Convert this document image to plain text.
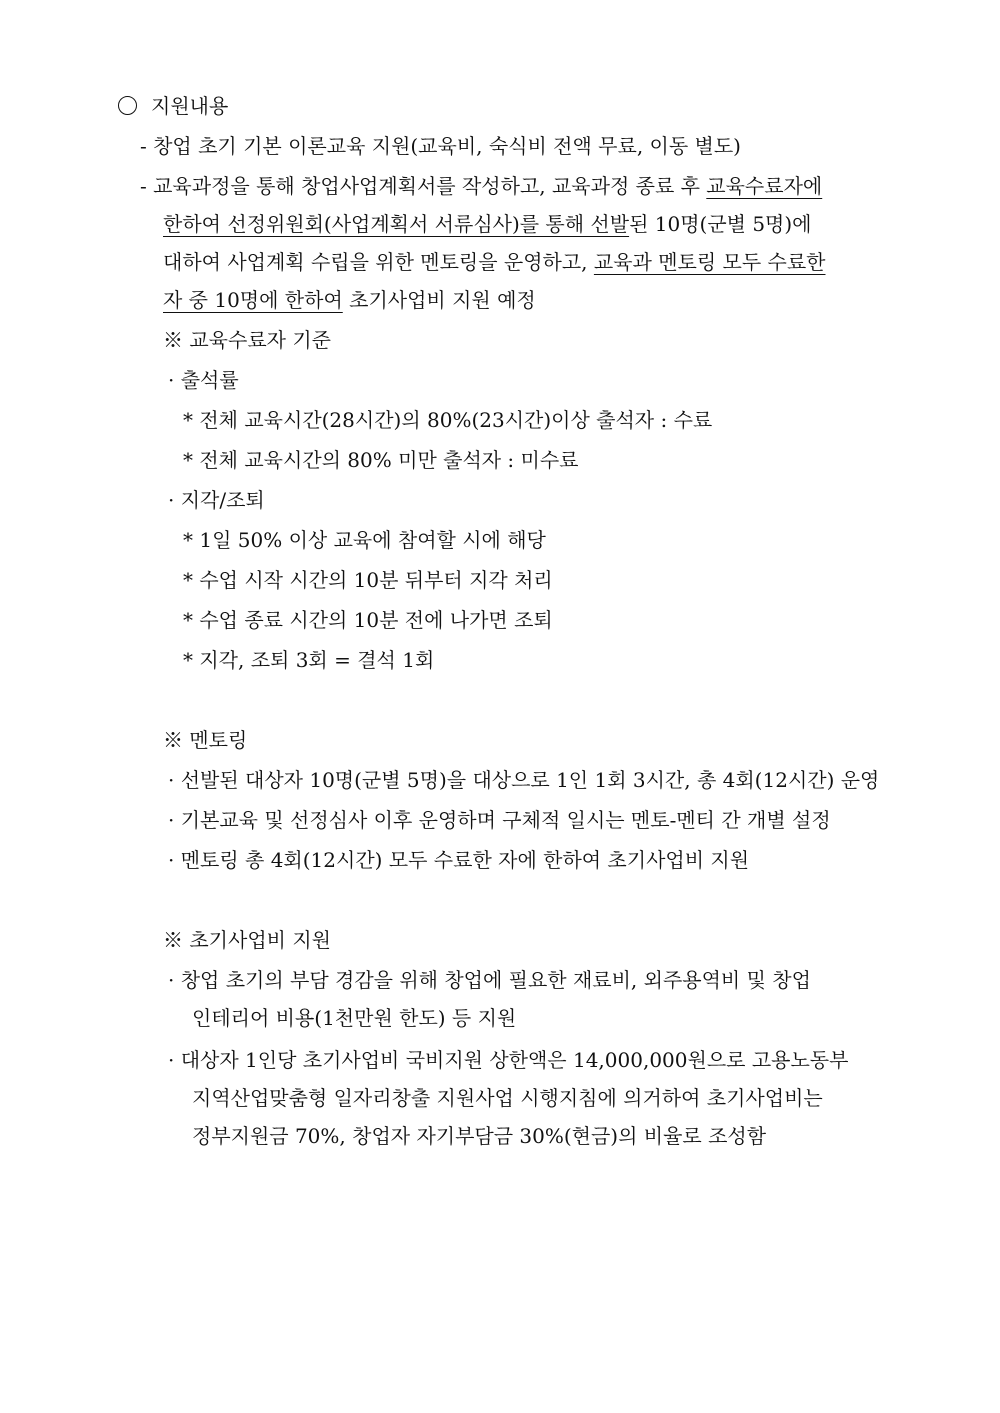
지원내용
- 창업 초기 기본 이론교육 지원(교육비, 숙식비 전액 무료, 이동 별도)
- 교육과정을 통해 창업사업계획서를 작성하고, 교육과정 종료 후 교육수료자에
한하여 선정위원회(사업계획서 서류심사)를 통해 선발된 10명(군별 5명)에
대하여 사업계획 수립을 위한 멘토링을 운영하고, 교육과 멘토링 모두 수료한
자 중 10명에 한하여 초기사업비 지원 예정
※ 교육수료자 기준
· 출석률
* 전체 교육시간(28시간)의 80%(23시간)이상 출석자 : 수료
* 전체 교육시간의 80% 미만 출석자 : 미수료
· 지각/조퇴
* 1일 50% 이상 교육에 참여할 시에 해당
* 수업 시작 시간의 10분 뒤부터 지각 처리
* 수업 종료 시간의 10분 전에 나가면 조퇴
* 지각, 조퇴 3회 = 결석 1회
※ 멘토링
· 선발된 대상자 10명(군별 5명)을 대상으로 1인 1회 3시간, 총 4회(12시간) 운영
· 기본교육 및 선정심사 이후 운영하며 구체적 일시는 멘토-멘티 간 개별 설정
· 멘토링 총 4회(12시간) 모두 수료한 자에 한하여 초기사업비 지원
※ 초기사업비 지원
· 창업 초기의 부담 경감을 위해 창업에 필요한 재료비, 외주용역비 및 창업
인테리어 비용(1천만원 한도) 등 지원
· 대상자 1인당 초기사업비 국비지원 상한액은 14,000,000원으로 고용노동부
지역산업맞춤형 일자리창출 지원사업 시행지침에 의거하여 초기사업비는
정부지원금 70%, 창업자 자기부담금 30%(현금)의 비율로 조성함
